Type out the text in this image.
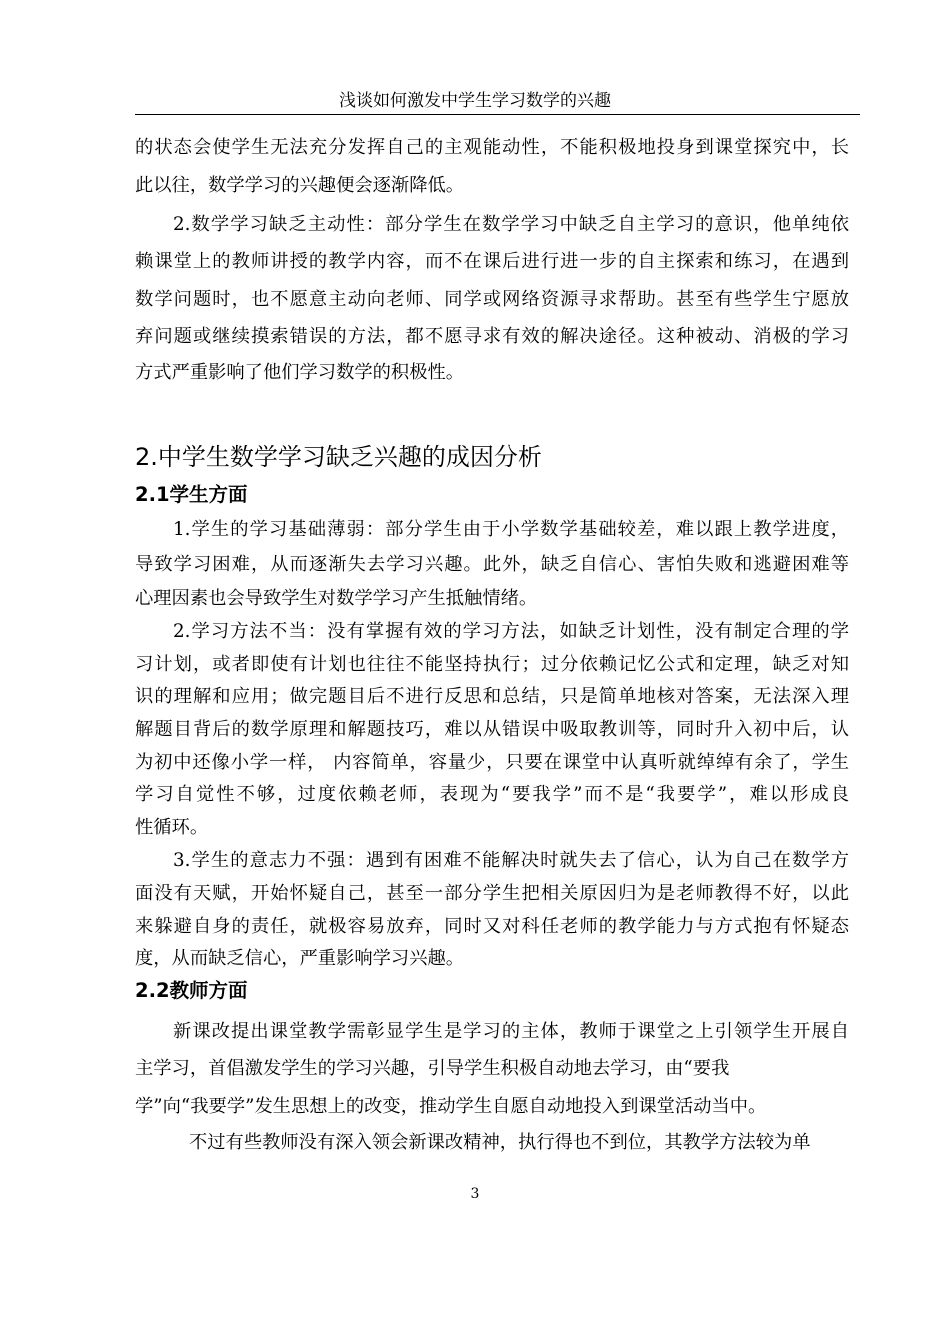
浅谈如何激发中学生学习数学的兴趣
的状态会使学生无法充分发挥自己的主观能动性，不能积极地投身到课堂探究中，长
此以往，数学学习的兴趣便会逐渐降低。
2.数学学习缺乏主动性：部分学生在数学学习中缺乏自主学习的意识，他单纯依
赖课堂上的教师讲授的教学内容，而不在课后进行进一步的自主探索和练习，在遇到
数学问题时，也不愿意主动向老师、同学或网络资源寻求帮助。甚至有些学生宁愿放
弃问题或继续摸索错误的方法，都不愿寻求有效的解决途径。这种被动、消极的学习
方式严重影响了他们学习数学的积极性。
2.中学生数学学习缺乏兴趣的成因分析
2.1学生方面
1.学生的学习基础薄弱：部分学生由于小学数学基础较差，难以跟上教学进度，
导致学习困难，从而逐渐失去学习兴趣。此外，缺乏自信心、害怕失败和逃避困难等
心理因素也会导致学生对数学学习产生抵触情绪。
2.学习方法不当：没有掌握有效的学习方法，如缺乏计划性，没有制定合理的学
习计划，或者即使有计划也往往不能坚持执行；过分依赖记忆公式和定理，缺乏对知
识的理解和应用；做完题目后不进行反思和总结，只是简单地核对答案，无法深入理
解题目背后的数学原理和解题技巧，难以从错误中吸取教训等，同时升入初中后，认
为初中还像小学一样， 内容简单，容量少，只要在课堂中认真听就绰绰有余了，学生
学习自觉性不够，过度依赖老师，表现为“要我学”而不是“我要学”，难以形成良
性循环。
3.学生的意志力不强：遇到有困难不能解决时就失去了信心，认为自己在数学方
面没有天赋，开始怀疑自己，甚至一部分学生把相关原因归为是老师教得不好，以此
来躲避自身的责任，就极容易放弃，同时又对科任老师的教学能力与方式抱有怀疑态
度，从而缺乏信心，严重影响学习兴趣。
2.2教师方面
新课改提出课堂教学需彰显学生是学习的主体，教师于课堂之上引领学生开展自
主学习，首倡激发学生的学习兴趣，引导学生积极自动地去学习，由“要我
学”向“我要学”发生思想上的改变，推动学生自愿自动地投入到课堂活动当中。
不过有些教师没有深入领会新课改精神，执行得也不到位，其教学方法较为单
3
